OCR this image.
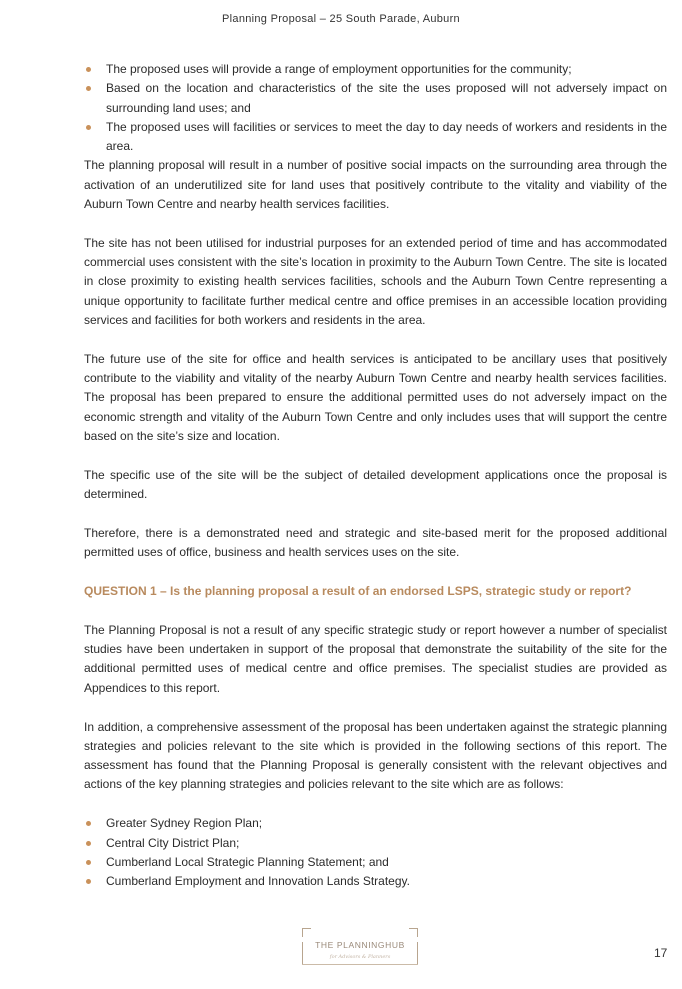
Planning Proposal – 25 South Parade, Auburn
The proposed uses will provide a range of employment opportunities for the community;
Based on the location and characteristics of the site the uses proposed will not adversely impact on surrounding land uses; and
The proposed uses will facilities or services to meet the day to day needs of workers and residents in the area.

The planning proposal will result in a number of positive social impacts on the surrounding area through the activation of an underutilized site for land uses that positively contribute to the vitality and viability of the Auburn Town Centre and nearby health services facilities.

The site has not been utilised for industrial purposes for an extended period of time and has accommodated commercial uses consistent with the site’s location in proximity to the Auburn Town Centre. The site is located in close proximity to existing health services facilities, schools and the Auburn Town Centre representing a unique opportunity to facilitate further medical centre and office premises in an accessible location providing services and facilities for both workers and residents in the area.

The future use of the site for office and health services is anticipated to be ancillary uses that positively contribute to the viability and vitality of the nearby Auburn Town Centre and nearby health services facilities. The proposal has been prepared to ensure the additional permitted uses do not adversely impact on the economic strength and vitality of the Auburn Town Centre and only includes uses that will support the centre based on the site’s size and location.

The specific use of the site will be the subject of detailed development applications once the proposal is determined.

Therefore, there is a demonstrated need and strategic and site-based merit for the proposed additional permitted uses of office, business and health services uses on the site.

QUESTION 1 – Is the planning proposal a result of an endorsed LSPS, strategic study or report?

The Planning Proposal is not a result of any specific strategic study or report however a number of specialist studies have been undertaken in support of the proposal that demonstrate the suitability of the site for the additional permitted uses of medical centre and office premises. The specialist studies are provided as Appendices to this report.

In addition, a comprehensive assessment of the proposal has been undertaken against the strategic planning strategies and policies relevant to the site which is provided in the following sections of this report. The assessment has found that the Planning Proposal is generally consistent with the relevant objectives and actions of the key planning strategies and policies relevant to the site which are as follows:

Greater Sydney Region Plan;
Central City District Plan;
Cumberland Local Strategic Planning Statement; and
Cumberland Employment and Innovation Lands Strategy.
THE PLANNINGHUB
for Advisors & Planners	17
